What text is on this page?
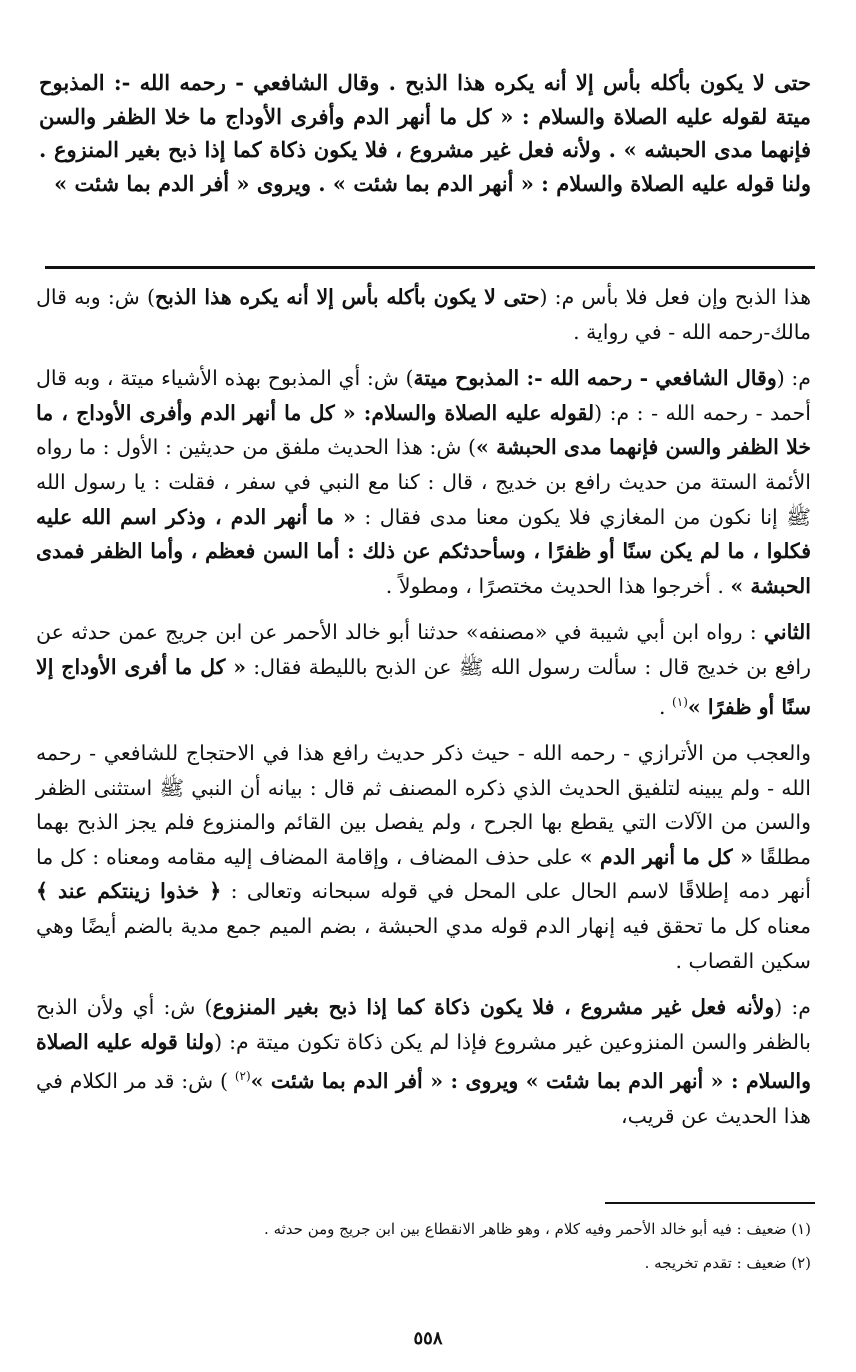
حتى لا يكون بأكله بأس إلا أنه يكره هذا الذبح . وقال الشافعي - رحمه الله -: المذبوح ميتة لقوله عليه الصلاة والسلام : « كل ما أنهر الدم وأفرى الأوداج ما خلا الظفر والسن فإنهما مدى الحبشه » . ولأنه فعل غير مشروع ، فلا يكون ذكاة كما إذا ذبح بغير المنزوع . ولنا قوله عليه الصلاة والسلام : « أنهر الدم بما شئت » . ويروى « أفر الدم بما شئت »

هذا الذبح وإن فعل فلا بأس م: (حتى لا يكون بأكله بأس إلا أنه يكره هذا الذبح) ش: وبه قال مالك-رحمه الله - في رواية .

م: (وقال الشافعي - رحمه الله -: المذبوح ميتة) ش: أي المذبوح بهذه الأشياء ميتة ، وبه قال أحمد - رحمه الله - : م: (لقوله عليه الصلاة والسلام: « كل ما أنهر الدم وأفرى الأوداج ، ما خلا الظفر والسن فإنهما مدى الحبشة ») ش: هذا الحديث ملفق من حديثين : الأول : ما رواه الأئمة الستة من حديث رافع بن خديج ، قال : كنا مع النبي في سفر ، فقلت : يا رسول الله ﷺ إنا نكون من المغازي فلا يكون معنا مدى فقال : « ما أنهر الدم ، وذكر اسم الله عليه فكلوا ، ما لم يكن سنًا أو ظفرًا ، وسأحدثكم عن ذلك : أما السن فعظم ، وأما الظفر فمدى الحبشة » . أخرجوا هذا الحديث مختصرًا ، ومطولاً .

الثاني : رواه ابن أبي شيبة في «مصنفه» حدثنا أبو خالد الأحمر عن ابن جريج عمن حدثه عن رافع بن خديج قال : سألت رسول الله ﷺ عن الذبح بالليطة فقال: « كل ما أفرى الأوداج إلا سنًا أو ظفرًا »$^{(١)}$ .

والعجب من الأترازي - رحمه الله - حيث ذكر حديث رافع هذا في الاحتجاج للشافعي - رحمه الله - ولم يبينه لتلفيق الحديث الذي ذكره المصنف ثم قال : بيانه أن النبي ﷺ استثنى الظفر والسن من الآلات التي يقطع بها الجرح ، ولم يفصل بين القائم والمنزوع فلم يجز الذبح بهما مطلقًا « كل ما أنهر الدم » على حذف المضاف ، وإقامة المضاف إليه مقامه ومعناه : كل ما أنهر دمه إطلاقًا لاسم الحال على المحل في قوله سبحانه وتعالى : ﴿ خذوا زينتكم عند ﴾ معناه كل ما تحقق فيه إنهار الدم قوله مدي الحبشة ، بضم الميم جمع مدية بالضم أيضًا وهي سكين القصاب .

م: (ولأنه فعل غير مشروع ، فلا يكون ذكاة كما إذا ذبح بغير المنزوع) ش: أي ولأن الذبح بالظفر والسن المنزوعين غير مشروع فإذا لم يكن ذكاة تكون ميتة م: (ولنا قوله عليه الصلاة والسلام : « أنهر الدم بما شئت » ويروى : « أفر الدم بما شئت »$^{(٢)}$ ) ش: قد مر الكلام في هذا الحديث عن قريب،

(١) ضعيف : فيه أبو خالد الأحمر وفيه كلام ، وهو ظاهر الانقطاع بين ابن جريج ومن حدثه .

(٢) ضعيف : تقدم تخريجه .

٥٥٨
